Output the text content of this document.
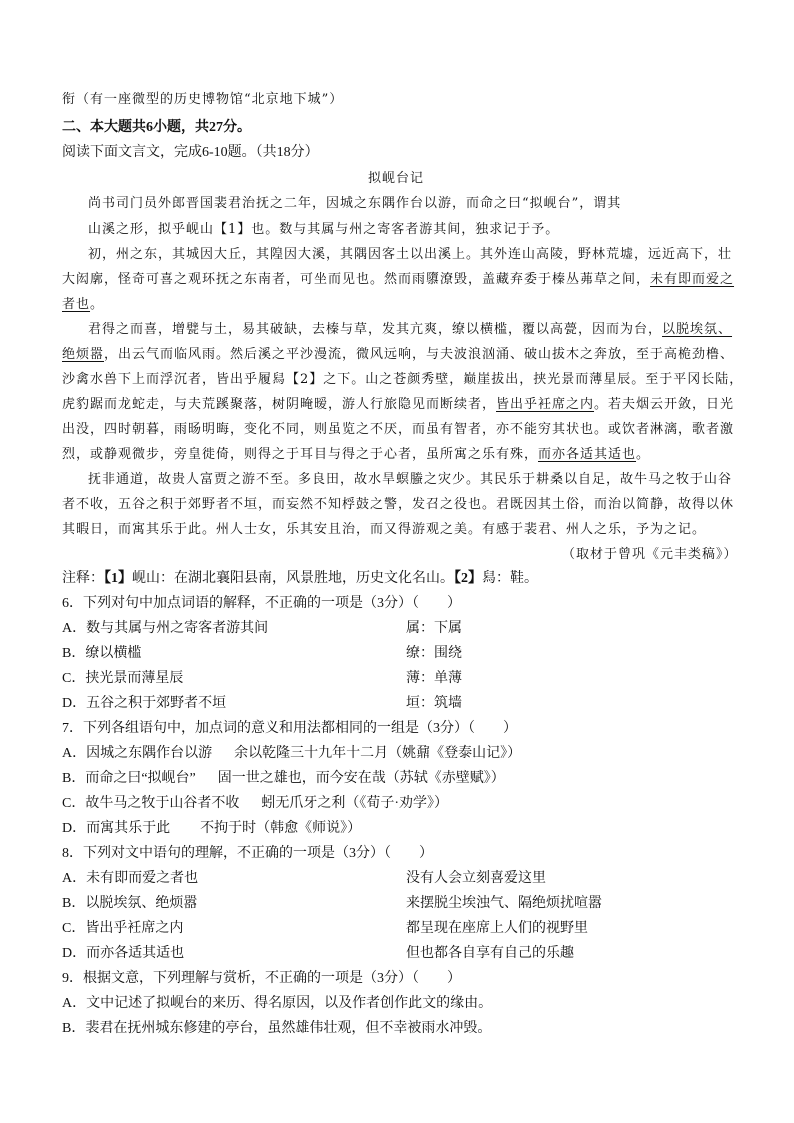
衔（有一座微型的历史博物馆“北京地下城”）
二、本大题共6小题，共27分。
阅读下面文言文，完成6-10题。（共18分）
拟岘台记
尚书司门员外郎晋国裴君治抚之二年，因城之东隅作台以游，而命之曰“拟岘台”，谓其
山溪之形，拟乎岘山【1】也。数与其属与州之寄客者游其间，独求记于予。
初，州之东，其城因大丘，其隍因大溪，其隅因客土以出溪上。其外连山高陵，野林荒墟，远近高下，壮
大闳廓，怪奇可喜之观环抚之东南者，可坐而见也。然而雨隳潦毁，盖藏弃委于榛丛茀草之间，未有即而爱之
者也。
君得之而喜，增甓与土，易其破缺，去榛与草，发其亢爽，缭以横槛，覆以高甍，因而为台，以脱埃氛、
绝烦嚣，出云气而临风雨。然后溪之平沙漫流，微风远响，与夫波浪汹涌、破山拔木之奔放，至于高桅劲橹、
沙禽水兽下上而浮沉者，皆出乎履舄【2】之下。山之苍颜秀壁，巅崖拔出，挟光景而薄星辰。至于平冈长陆，
虎豹踞而龙蛇走，与夫荒蹊聚落，树阴晻暧，游人行旅隐见而断续者，皆出乎衽席之内。若夫烟云开敛，日光
出没，四时朝暮，雨旸明晦，变化不同，则虽览之不厌，而虽有智者，亦不能穷其状也。或饮者淋漓，歌者激
烈，或静观微步，旁皇徙倚，则得之于耳目与得之于心者，虽所寓之乐有殊，而亦各适其适也。
抚非通道，故贵人富贾之游不至。多良田，故水旱螟螣之灾少。其民乐于耕桑以自足，故牛马之牧于山谷
者不收，五谷之积于郊野者不垣，而妄然不知桴鼓之警，发召之役也。君既因其土俗，而治以简静，故得以休
其暇日，而寓其乐于此。州人士女，乐其安且治，而又得游观之美。有感于裴君、州人之乐，予为之记。
（取材于曾巩《元丰类稿》）
注释：【1】岘山：在湖北襄阳县南，风景胜地，历史文化名山。【2】舄：鞋。
6．下列对句中加点词语的解释，不正确的一项是（3分）（　　）
A．数与其属与州之寄客者游其间	属：下属
B．缭以横槛	缭：围绕
C．挟光景而薄星辰	薄：单薄
D．五谷之积于郊野者不垣	垣：筑墙
7．下列各组语句中，加点词的意义和用法都相同的一组是（3分）（　　）
A．因城之东隅作台以游 余以乾隆三十九年十二月（姚鼐《登泰山记》）
B．而命之曰“拟岘台” 固一世之雄也，而今安在哉（苏轼《赤壁赋》）
C．故牛马之牧于山谷者不收 蚓无爪牙之利（《荀子·劝学》）
D．而寓其乐于此 不拘于时（韩愈《师说》）
8．下列对文中语句的理解，不正确的一项是（3分）（　　）
A．未有即而爱之者也	没有人会立刻喜爱这里
B．以脱埃氛、绝烦嚣	来摆脱尘埃浊气、隔绝烦扰喧嚣
C．皆出乎衽席之内	都呈现在座席上人们的视野里
D．而亦各适其适也	但也都各自享有自己的乐趣
9．根据文意，下列理解与赏析，不正确的一项是（3分）（　　）
A．文中记述了拟岘台的来历、得名原因，以及作者创作此文的缘由。
B．裴君在抚州城东修建的亭台，虽然雄伟壮观，但不幸被雨水冲毁。
